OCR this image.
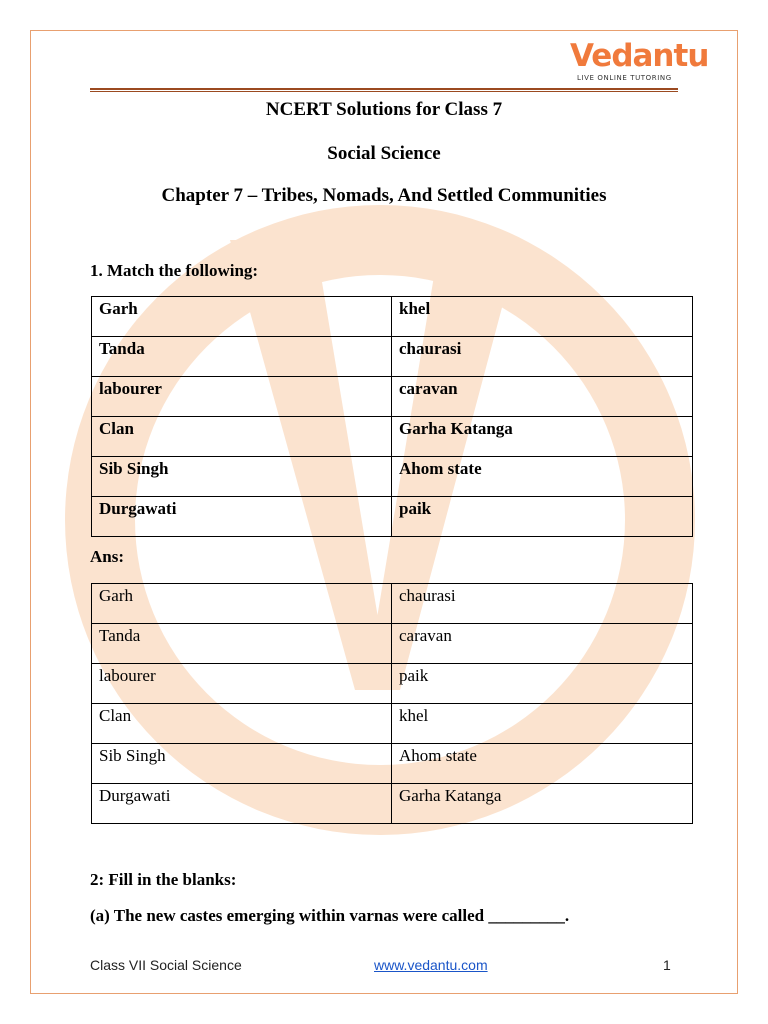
Vedantu
LIVE ONLINE TUTORING
NCERT Solutions for Class 7
Social Science
Chapter 7 – Tribes, Nomads, And Settled Communities
1. Match the following:
Garh	khel
Tanda	chaurasi
labourer	caravan
Clan	Garha Katanga
Sib Singh	Ahom state
Durgawati	paik
Ans:
Garh	chaurasi
Tanda	caravan
labourer	paik
Clan	khel
Sib Singh	Ahom state
Durgawati	Garha Katanga
2: Fill in the blanks:
(a) The new castes emerging within varnas were called _________.
Class VII Social Science	www.vedantu.com	1
